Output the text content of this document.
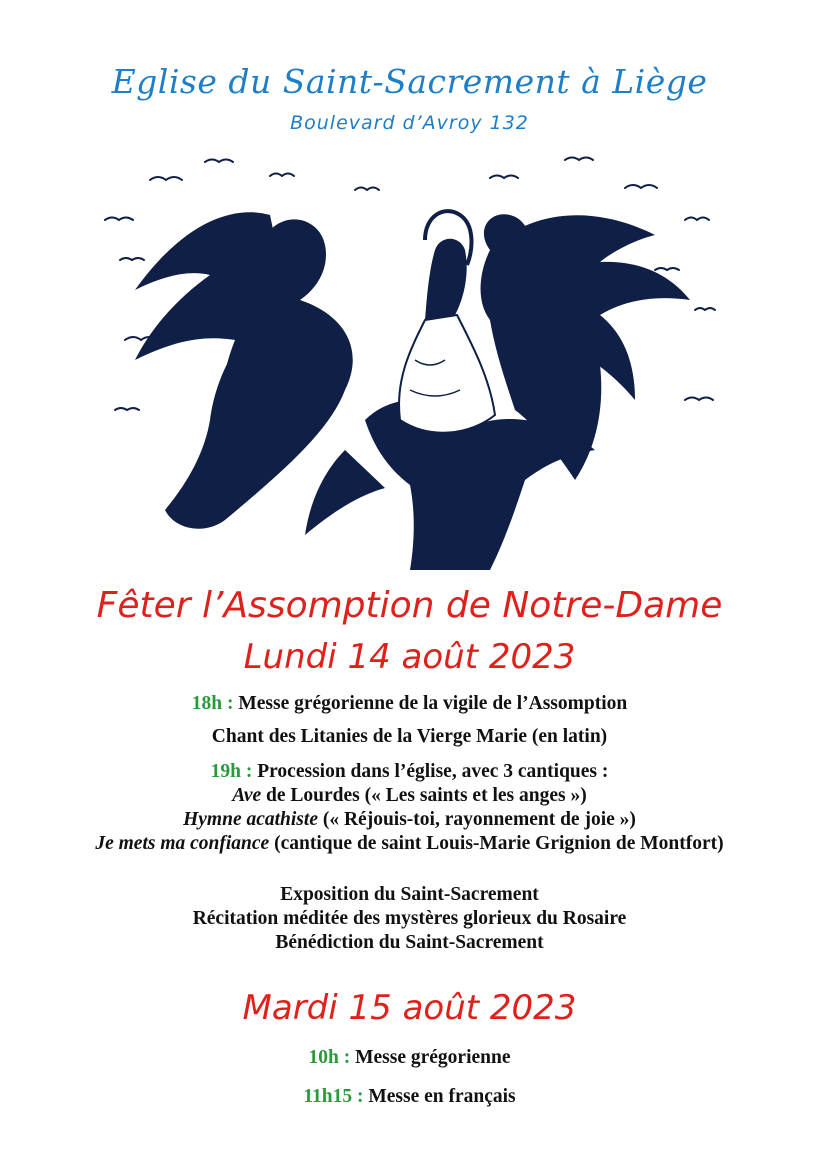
Eglise du Saint-Sacrement à Liège
Boulevard d’Avroy 132
Fêter l’Assomption de Notre-Dame
Lundi 14 août 2023
18h : Messe grégorienne de la vigile de l’Assomption
Chant des Litanies de la Vierge Marie (en latin)
19h : Procession dans l’église, avec 3 cantiques :
Ave de Lourdes (« Les saints et les anges »)
Hymne acathiste (« Réjouis-toi, rayonnement de joie »)
Je mets ma confiance (cantique de saint Louis-Marie Grignion de Montfort)
Exposition du Saint-Sacrement
Récitation méditée des mystères glorieux du Rosaire
Bénédiction du Saint-Sacrement
Mardi 15 août 2023
10h : Messe grégorienne
11h15 : Messe en français
